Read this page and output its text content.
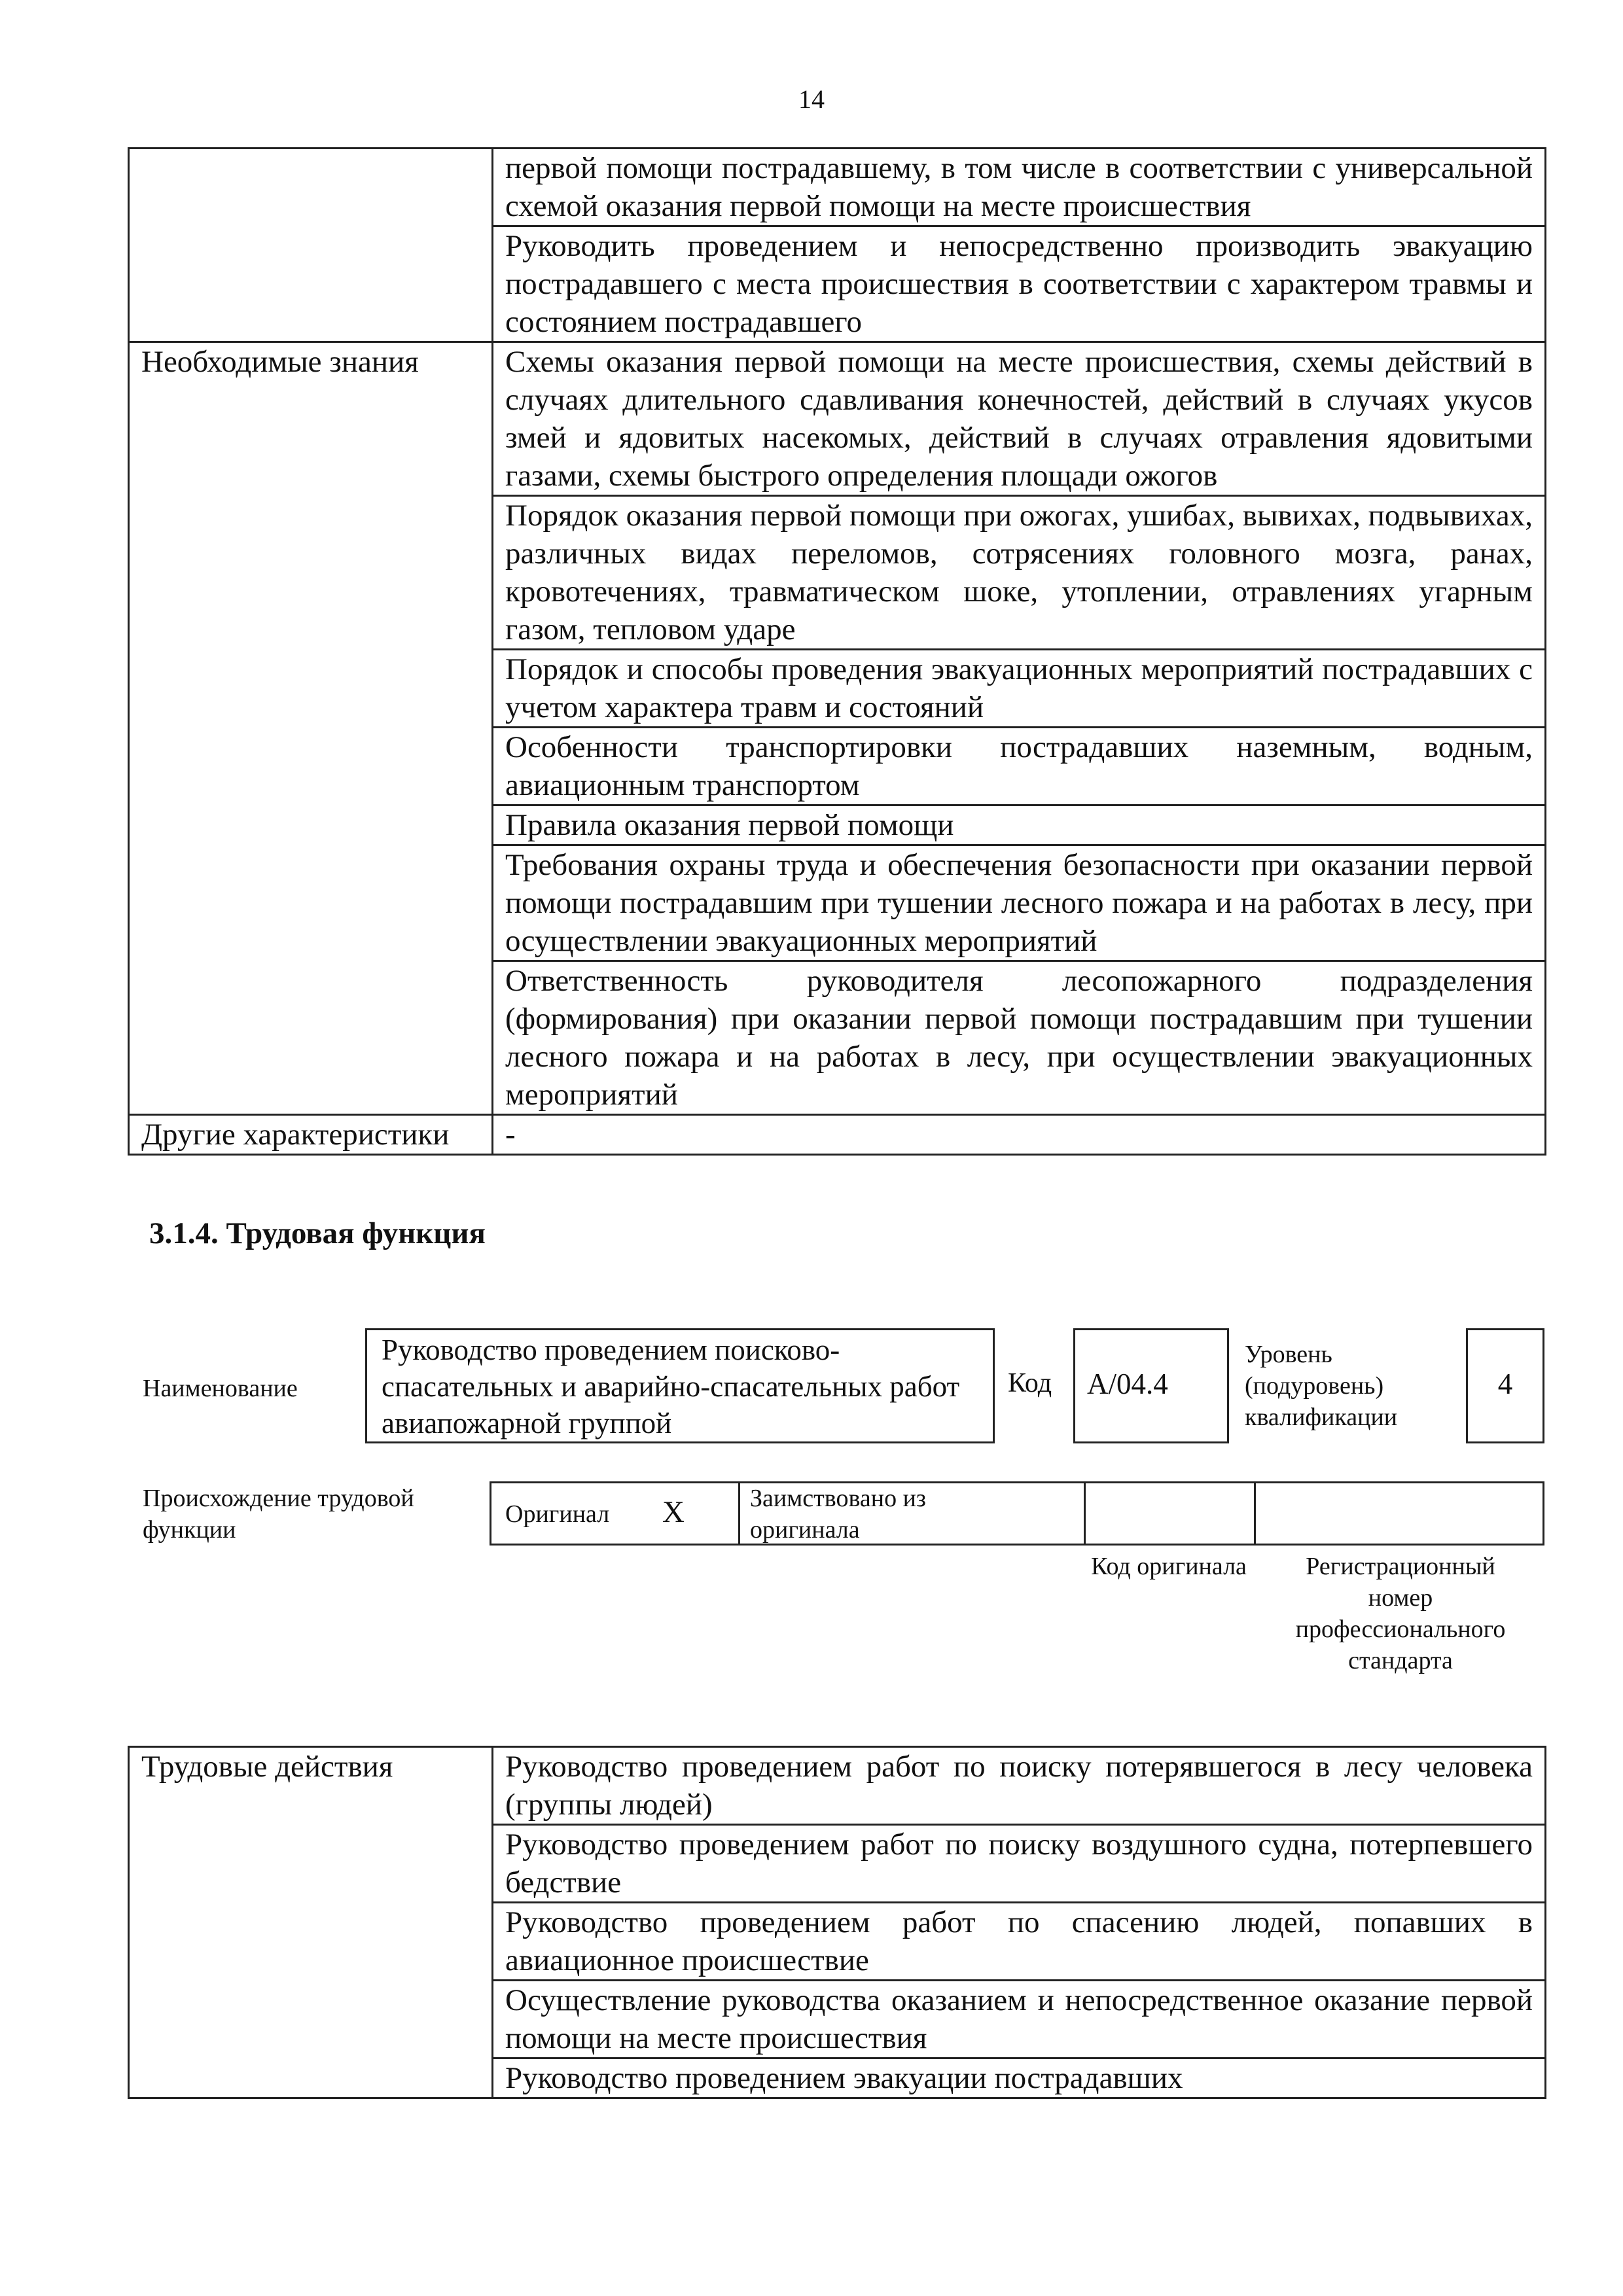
14
	первой помощи пострадавшему, в том числе в соответствии с универсальной схемой оказания первой помощи на месте происшествия
	Руководить проведением и непосредственно производить эвакуацию пострадавшего с места происшествия в соответствии с характером травмы и состоянием пострадавшего
Необходимые знания	Схемы оказания первой помощи на месте происшествия, схемы действий в случаях длительного сдавливания конечностей, действий в случаях укусов змей и ядовитых насекомых, действий в случаях отравления ядовитыми газами, схемы быстрого определения площади ожогов
	Порядок оказания первой помощи при ожогах, ушибах, вывихах, подвывихах, различных видах переломов, сотрясениях головного мозга, ранах, кровотечениях, травматическом шоке, утоплении, отравлениях угарным газом, тепловом ударе
	Порядок и способы проведения эвакуационных мероприятий пострадавших с учетом характера травм и состояний
	Особенности транспортировки пострадавших наземным, водным, авиационным транспортом
	Правила оказания первой помощи
	Требования охраны труда и обеспечения безопасности при оказании первой помощи пострадавшим при тушении лесного пожара и на работах в лесу, при осуществлении эвакуационных мероприятий
	Ответственность руководителя лесопожарного подразделения (формирования) при оказании первой помощи пострадавшим при тушении лесного пожара и на работах в лесу, при осуществлении эвакуационных мероприятий
Другие характеристики	-
3.1.4. Трудовая функция
Наименование
Руководство проведением поисково-спасательных и аварийно-спасательных работ авиапожарной группой
Код A/04.4
Уровень (подуровень) квалификации
4
Происхождение трудовой функции
Оригинал X	Заимствовано из оригинала
Код оригинала	Регистрационный номер профессионального стандарта
Трудовые действия	Руководство проведением работ по поиску потерявшегося в лесу человека (группы людей)
Руководство проведением работ по поиску воздушного судна, потерпевшего бедствие
Руководство проведением работ по спасению людей, попавших в авиационное происшествие
Осуществление руководства оказанием и непосредственное оказание первой помощи на месте происшествия
Руководство проведением эвакуации пострадавших
